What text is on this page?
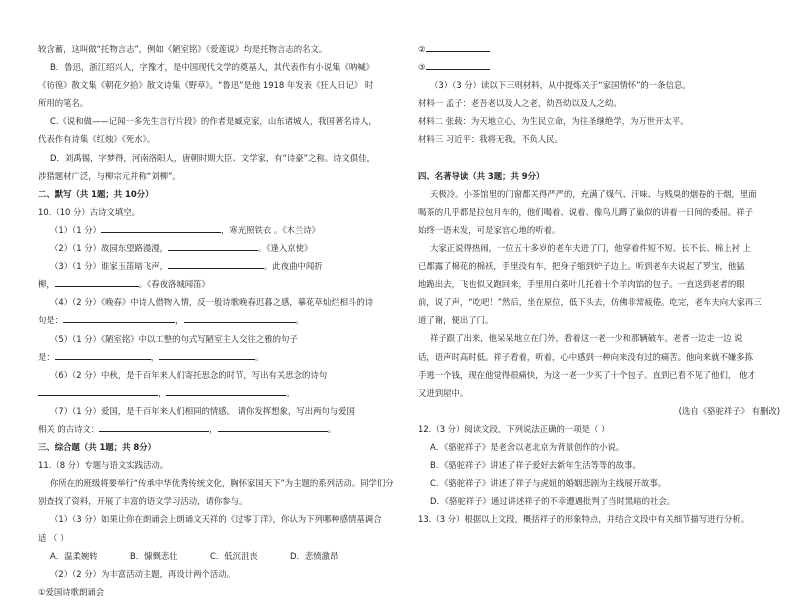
较含蓄，这叫做“托物言志”，例如《陋室铭》《爱莲说》均是托物言志的名文。

B．鲁迅，浙江绍兴人，字豫才，是中国现代文学的奠基人，其代表作有小说集《呐喊》

《彷徨》散文集《朝花夕拾》散文诗集《野草》。“鲁迅”是他 1918 年发表《狂人日记》 时

所用的笔名。

C.《说和做——记闻一多先生言行片段》的作者是臧克家，山东诸城人，我国著名诗人，

代表作有诗集《红烛》《死水》。

D．刘禹锡，字梦得，河南洛阳人，唐朝时期大臣、文学家，有“诗豪”之称。诗文俱佳，

涉猎题材广泛，与柳宗元并称“刘柳”。

二、默写（共 1题；共 10分）

10.（10 分）古诗文填空。

（1）（1 分）	，寒光照铁衣 。《木兰诗》

（2）（1 分）故园东望路漫漫，	。《逢入京使》

（3）（1 分）谁家玉笛暗飞声，	。此夜曲中闻折

柳，	。《春夜洛城闻笛》

（4）（2 分）《晚春》中诗人借物入情，反一般诗歌晚春迟暮之感，摹花草灿烂相斗的诗

句是：	，	。

（5）（1 分）《陋室铭》中以工整的句式写陋室主人交往之雅的句子

是：	，	。

（6）（2 分）中秋，是千百年来人们寄托思念的时节，写出有关思念的诗句

，	。

（7）（1 分）爱国，是千百年来人们相同的情感。 请你发挥想象，写出两句与爱国

相关 的古诗文：	，	。

三、综合题（共 1题；共 8分）

11.（8 分）专题与语文实践活动。

你所在的班级将要举行“传承中华优秀传统文化，胸怀家国天下”为主题的系列活动。同学们分

别查找了资料，开展了丰富的语文学习活动，请你参与。

（1）（3 分）如果让你在朗诵会上朗诵文天祥的《过零丁洋》，你认为下列哪种感情基调合

适 （ ）

A．温柔婉转	B．慷慨悲壮	C．低沉沮丧	D．悲愤激昂

（2）（2 分）为丰富活动主题，再设计两个活动。

①爱国诗歌朗诵会

②

③

（3）（3 分）读以下三则材料，从中提炼关于“家国情怀”的一条信息。

材料一 孟子：老吾老以及人之老，幼吾幼以及人之幼。

材料二 张载：为天地立心，为生民立命，为往圣继绝学，为万世开太平。

材料三 习近平：我将无我，不负人民。

四、名著导读（共 3题；共 9分）

天极冷。小茶馆里的门窗都关得严严的，充满了煤气、汗味、与贱臭的烟卷的干烟，里面

喝茶的几乎都是拉包月车的，他们喝着、说着、像鸟儿蹲了巢似的讲着一日间的委屈。祥子

始终一语未发，可是家官心地的听着。

大家正说得热闹，一位五十多岁的老车夫进了门，他穿着件短不短、长不长、棉上衬 上

已都露了棉花的棉袄，手里没有车，把身子缩到炉子边上。听到老车夫说起了罗宝，他猛

地跪出去，飞也似又跑回来，手里用白菜叶儿托着十个羊肉馅的包子。一直送到老者的眼

前，说了声，“吃吧！”然后，坐在原位，低下头去，仿佛非常疲倦。吃完，老车夫向大家再三

道了谢，便出了门。

祥子跟了出来，他呆呆地立在门外，看着这一老一少和那辆破车。老者一边走一边 说

话，语声时高时低。祥子看着，听着，心中感到一种向来没有过的痛苦。他向来就不嫌多拣

手逃一个钱，现在他觉得很痛快，为这一老一少买了十个包子。直到已看不见了他们， 他才

又进到屋中。

(选自《骆驼祥子》 有删改)

12.（3 分）阅读文段，下列说法正确的一项是（ ）

A．《骆驼祥子》是老舍以老北京为背景创作的小说。

B．《骆驼祥子》讲述了祥子爱好去新年生活等等的故事。

C．《骆驼祥子》讲述了祥子与虎妞的婚姻悲剧为主线展开故事。

D．《骆驼祥子》通过讲述祥子的不幸遭遇批判了当时黑暗的社会。

13.（3 分）根据以上文段，概括祥子的形象特点，并结合文段中有关细节描写进行分析。
